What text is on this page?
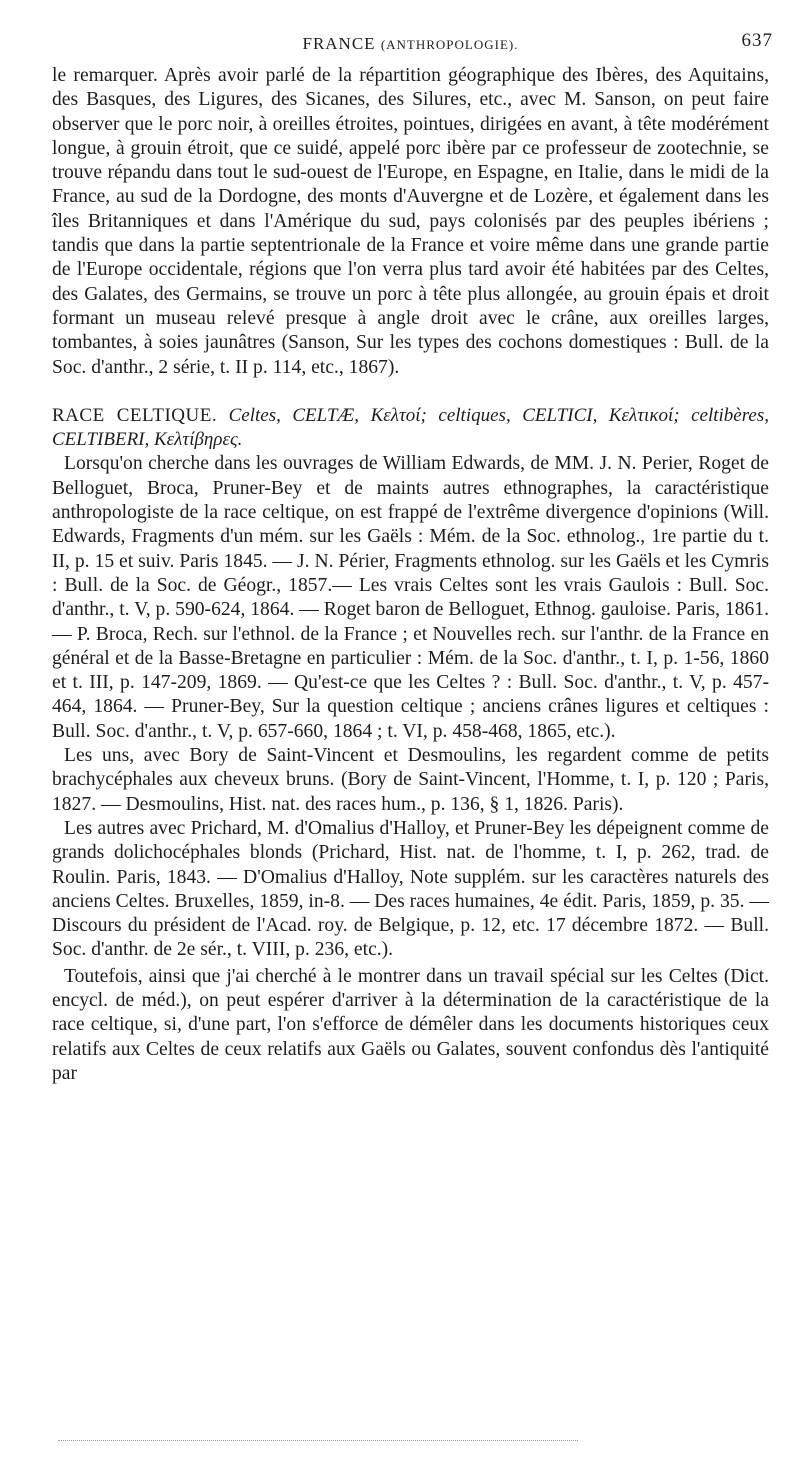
FRANCE (ANTHROPOLOGIE).	637

le remarquer. Après avoir parlé de la répartition géographique des Ibères, des Aquitains, des Basques, des Ligures, des Sicanes, des Silures, etc., avec M. Sanson, on peut faire observer que le porc noir, à oreilles étroites, pointues, dirigées en avant, à tête modérément longue, à grouin étroit, que ce suidé, appelé porc ibère par ce professeur de zootechnie, se trouve répandu dans tout le sud-ouest de l'Europe, en Espagne, en Italie, dans le midi de la France, au sud de la Dordogne, des monts d'Auvergne et de Lozère, et également dans les îles Britanniques et dans l'Amérique du sud, pays colonisés par des peuples ibériens ; tandis que dans la partie septentrionale de la France et voire même dans une grande partie de l'Europe occidentale, régions que l'on verra plus tard avoir été habitées par des Celtes, des Galates, des Germains, se trouve un porc à tête plus allongée, au grouin épais et droit formant un museau relevé presque à angle droit avec le crâne, aux oreilles larges, tombantes, à soies jaunâtres (Sanson, Sur les types des cochons domestiques : Bull. de la Soc. d'anthr., 2 série, t. II p. 114, etc., 1867).

RACE CELTIQUE. Celtes, CELTÆ, Κελτοί; celtiques, CELTICI, Κελτικοί; celtibères, CELTIBERI, Κελτίβηρες.

Lorsqu'on cherche dans les ouvrages de William Edwards, de MM. J. N. Perier, Roget de Belloguet, Broca, Pruner-Bey et de maints autres ethnographes, la caractéristique anthropologiste de la race celtique, on est frappé de l'extrême divergence d'opinions (Will. Edwards, Fragments d'un mém. sur les Gaëls : Mém. de la Soc. ethnolog., 1re partie du t. II, p. 15 et suiv. Paris 1845. — J. N. Périer, Fragments ethnolog. sur les Gaëls et les Cymris : Bull. de la Soc. de Géogr., 1857.— Les vrais Celtes sont les vrais Gaulois : Bull. Soc. d'anthr., t. V, p. 590-624, 1864. — Roget baron de Belloguet, Ethnog. gauloise. Paris, 1861. — P. Broca, Rech. sur l'ethnol. de la France ; et Nouvelles rech. sur l'anthr. de la France en général et de la Basse-Bretagne en particulier : Mém. de la Soc. d'anthr., t. I, p. 1-56, 1860 et t. III, p. 147-209, 1869. — Qu'est-ce que les Celtes ? : Bull. Soc. d'anthr., t. V, p. 457-464, 1864. — Pruner-Bey, Sur la question celtique ; anciens crânes ligures et celtiques : Bull. Soc. d'anthr., t. V, p. 657-660, 1864 ; t. VI, p. 458-468, 1865, etc.).

Les uns, avec Bory de Saint-Vincent et Desmoulins, les regardent comme de petits brachycéphales aux cheveux bruns. (Bory de Saint-Vincent, l'Homme, t. I, p. 120 ; Paris, 1827. — Desmoulins, Hist. nat. des races hum., p. 136, § 1, 1826. Paris).

Les autres avec Prichard, M. d'Omalius d'Halloy, et Pruner-Bey les dépeignent comme de grands dolichocéphales blonds (Prichard, Hist. nat. de l'homme, t. I, p. 262, trad. de Roulin. Paris, 1843. — D'Omalius d'Halloy, Note supplém. sur les caractères naturels des anciens Celtes. Bruxelles, 1859, in-8. — Des races humaines, 4e édit. Paris, 1859, p. 35. — Discours du président de l'Acad. roy. de Belgique, p. 12, etc. 17 décembre 1872. — Bull. Soc. d'anthr. de 2e sér., t. VIII, p. 236, etc.).

Toutefois, ainsi que j'ai cherché à le montrer dans un travail spécial sur les Celtes (Dict. encycl. de méd.), on peut espérer d'arriver à la détermination de la caractéristique de la race celtique, si, d'une part, l'on s'efforce de démêler dans les documents historiques ceux relatifs aux Celtes de ceux relatifs aux Gaëls ou Galates, souvent confondus dès l'antiquité par
